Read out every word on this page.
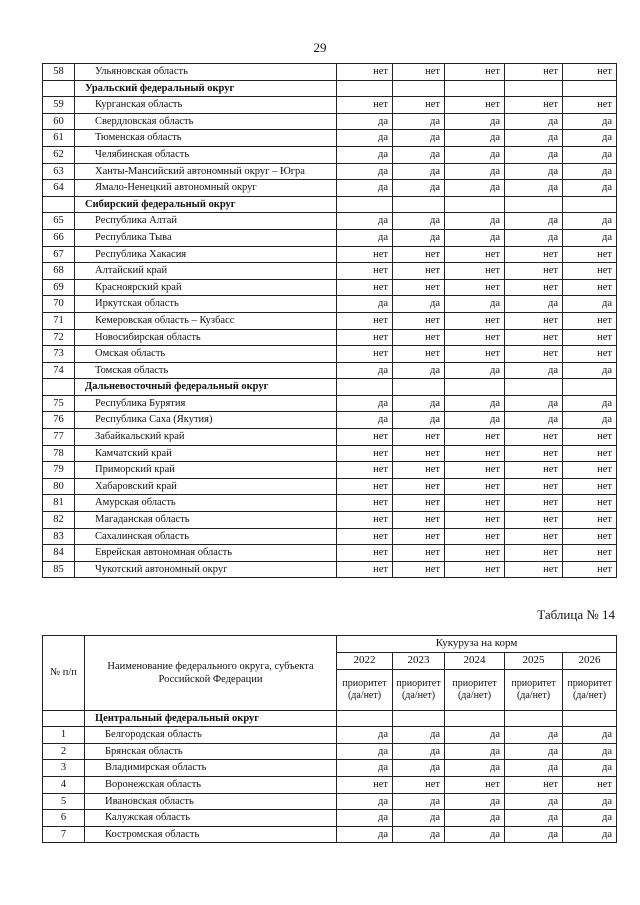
29
58	Ульяновская область	нет	нет	нет	нет	нет
	Уральский федеральный округ					
59	Курганская область	нет	нет	нет	нет	нет
60	Свердловская область	да	да	да	да	да
61	Тюменская область	да	да	да	да	да
62	Челябинская область	да	да	да	да	да
63	Ханты-Мансийский автономный округ – Югра	да	да	да	да	да
64	Ямало-Ненецкий автономный округ	да	да	да	да	да
	Сибирский федеральный округ					
65	Республика Алтай	да	да	да	да	да
66	Республика Тыва	да	да	да	да	да
67	Республика Хакасия	нет	нет	нет	нет	нет
68	Алтайский край	нет	нет	нет	нет	нет
69	Красноярский край	нет	нет	нет	нет	нет
70	Иркутская область	да	да	да	да	да
71	Кемеровская область – Кузбасс	нет	нет	нет	нет	нет
72	Новосибирская область	нет	нет	нет	нет	нет
73	Омская область	нет	нет	нет	нет	нет
74	Томская область	да	да	да	да	да
	Дальневосточный федеральный округ					
75	Республика Бурятия	да	да	да	да	да
76	Республика Саха (Якутия)	да	да	да	да	да
77	Забайкальский край	нет	нет	нет	нет	нет
78	Камчатский край	нет	нет	нет	нет	нет
79	Приморский край	нет	нет	нет	нет	нет
80	Хабаровский край	нет	нет	нет	нет	нет
81	Амурская область	нет	нет	нет	нет	нет
82	Магаданская область	нет	нет	нет	нет	нет
83	Сахалинская область	нет	нет	нет	нет	нет
84	Еврейская автономная область	нет	нет	нет	нет	нет
85	Чукотский автономный округ	нет	нет	нет	нет	нет
Таблица № 14
№ п/п	Наименование федерального округа, субъекта Российской Федерации	Кукуруза на корм				
		2022	2023	2024	2025	2026
		приоритет (да/нет)	приоритет (да/нет)	приоритет (да/нет)	приоритет (да/нет)	приоритет (да/нет)
	Центральный федеральный округ					
1	Белгородская область	да	да	да	да	да
2	Брянская область	да	да	да	да	да
3	Владимирская область	да	да	да	да	да
4	Воронежская область	нет	нет	нет	нет	нет
5	Ивановская область	да	да	да	да	да
6	Калужская область	да	да	да	да	да
7	Костромская область	да	да	да	да	да
